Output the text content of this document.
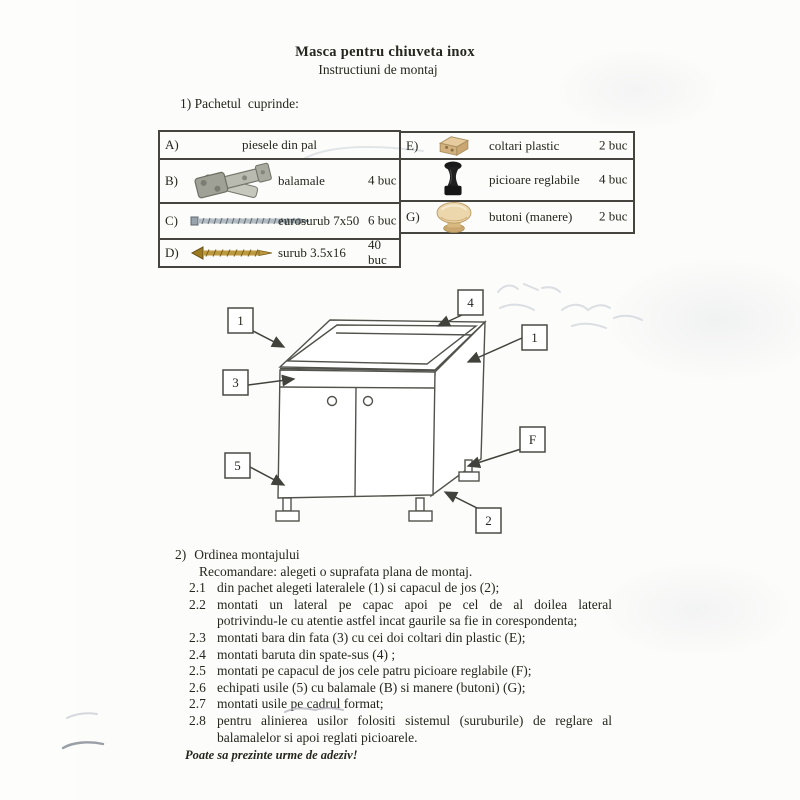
Masca pentru chiuveta inox
Instructiuni de montaj
1) Pachetul  cuprinde:
A)	piesele din pal
B)	balamale	4 buc
C)	eurosurub 7x50 6 buc
D)	surub 3.5x16
40 buc
E)	coltari plastic	2 buc
picioare reglabile 4 buc
G)	butoni (manere) 2 buc
1
4
1
3
5
F
2
2) Ordinea montajului
Recomandare: alegeti o suprafata plana de montaj.
2.1 din pachet alegeti lateralele (1) si capacul de jos (2);
2.2 montati un lateral pe capac apoi pe cel de al doilea lateral
potrivindu-le cu atentie astfel incat gaurile sa fie in corespondenta;
2.3 montati bara din fata (3) cu cei doi coltari din plastic (E);
2.4 montati baruta din spate-sus (4) ;
2.5 montati pe capacul de jos cele patru picioare reglabile (F);
2.6 echipati usile (5) cu balamale (B) si manere (butoni) (G);
2.7 montati usile pe cadrul format;
2.8 pentru alinierea usilor folositi sistemul (suruburile) de reglare al
balamalelor si apoi reglati picioarele.
Poate sa prezinte urme de adeziv!
